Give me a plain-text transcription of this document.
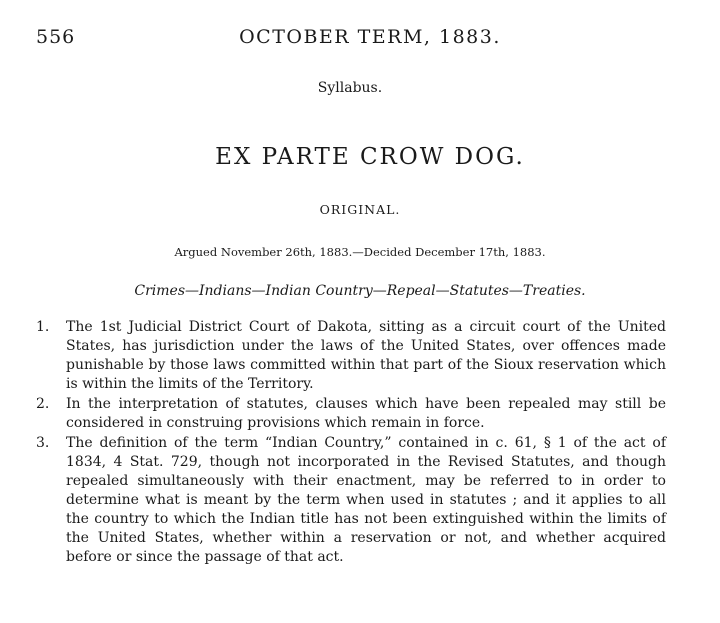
556	OCTOBER TERM, 1883.
Syllabus.
EX PARTE CROW DOG.
ORIGINAL.
Argued November 26th, 1883.—Decided December 17th, 1883.
Crimes—Indians—Indian Country—Repeal—Statutes—Treaties.
1.	The 1st Judicial District Court of Dakota, sitting as a circuit court of the United States, has jurisdiction under the laws of the United States, over offences made punishable by those laws committed within that part of the Sioux reservation which is within the limits of the Territory.
2.	In the interpretation of statutes, clauses which have been repealed may still be considered in construing provisions which remain in force.
3.	The definition of the term “Indian Country,” contained in c. 61, § 1 of the act of 1834, 4 Stat. 729, though not incorporated in the Revised Statutes, and though repealed simultaneously with their enactment, may be referred to in order to determine what is meant by the term when used in statutes ; and it applies to all the country to which the Indian title has not been extinguished within the limits of the United States, whether within a reservation or not, and whether acquired before or since the passage of that act.
